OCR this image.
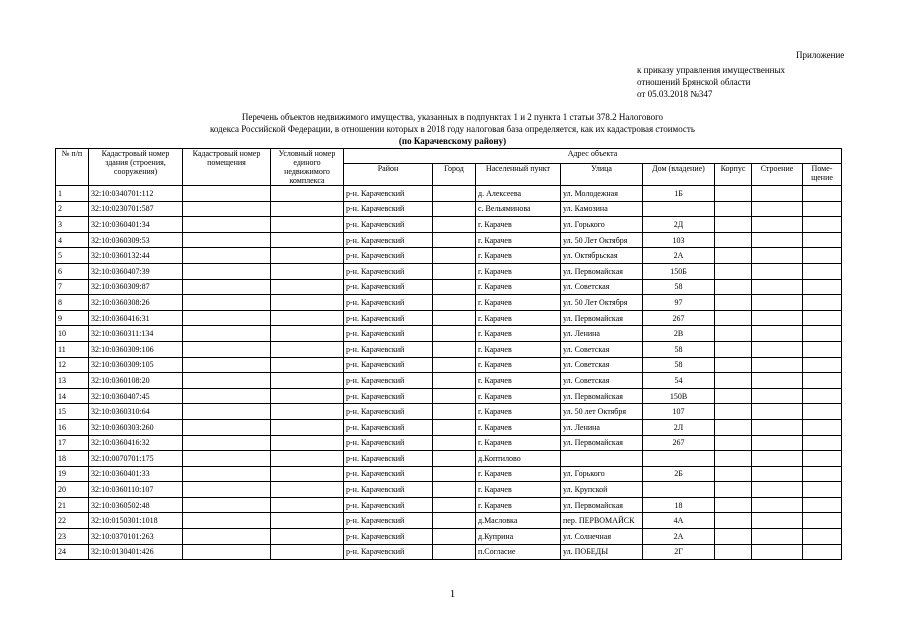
Приложение
к приказу управления имущественных
отношений Брянской области
от 05.03.2018 №347
Перечень объектов недвижимого имущества, указанных в подпунктах 1 и 2 пункта 1 статьи 378.2 Налогового
кодекса Российской Федерации, в отношении которых в 2018 году налоговая база определяется, как их кадастровая стоимость
(по Карачевскому району)
№ п/п	Кадастровый номер здания (строения, сооружения)	Кадастровый номер помещения	Условный номер единого недвижимого комплекса	Адрес объекта							
				Район	Город	Населенный пункт	Улица	Дом (владение)	Корпус	Строение	Поме-щение
1	32:10:0340701:112			р-н. Карачевский		д. Алексеева	ул. Молодежная	1Б			
2	32:10:0230701:587			р-н. Карачевский		с. Вельяминова	ул. Камозина				
3	32:10:0360401:34			р-н. Карачевский		г. Карачев	ул. Горького	2Д			
4	32:10:0360309:53			р-н. Карачевский		г. Карачев	ул. 50 Лет Октября	103			
5	32:10:0360132:44			р-н. Карачевский		г. Карачев	ул. Октябрьская	2А			
6	32:10:0360407:39			р-н. Карачевский		г. Карачев	ул. Первомайская	150Б			
7	32:10:0360309:87			р-н. Карачевский		г. Карачев	ул. Советская	58			
8	32:10:0360308:26			р-н. Карачевский		г. Карачев	ул. 50 Лет Октября	97			
9	32:10:0360416:31			р-н. Карачевский		г. Карачев	ул. Первомайская	267			
10	32:10:0360311:134			р-н. Карачевский		г. Карачев	ул. Ленина	2В			
11	32:10:0360309:106			р-н. Карачевский		г. Карачев	ул. Советская	58			
12	32:10:0360309:105			р-н. Карачевский		г. Карачев	ул. Советская	58			
13	32:10:0360108:20			р-н. Карачевский		г. Карачев	ул. Советская	54			
14	32:10:0360407:45			р-н. Карачевский		г. Карачев	ул. Первомайская	150В			
15	32:10:0360310:64			р-н. Карачевский		г. Карачев	ул. 50 лет Октября	107			
16	32:10:0360303:260			р-н. Карачевский		г. Карачев	ул. Ленина	2Л			
17	32:10:0360416:32			р-н. Карачевский		г. Карачев	ул. Первомайская	267			
18	32:10:0070701:175			р-н. Карачевский		д.Коптилово					
19	32:10:0360401:33			р-н. Карачевский		г. Карачев	ул. Горького	2Б			
20	32:10:0360110:107			р-н. Карачевский		г. Карачев	ул. Крупской				
21	32:10:0360502:48			р-н. Карачевский		г. Карачев	ул. Первомайская	18			
22	32:10:0150301:1018			р-н. Карачевский		д.Масловка	пер. ПЕРВОМАЙСК	4А			
23	32:10:0370101:263			р-н. Карачевский		д.Куприна	ул. Солнечная	2А			
24	32:10:0130401:426			р-н. Карачевский		п.Согласие	ул. ПОБЕДЫ	2Г			
1
